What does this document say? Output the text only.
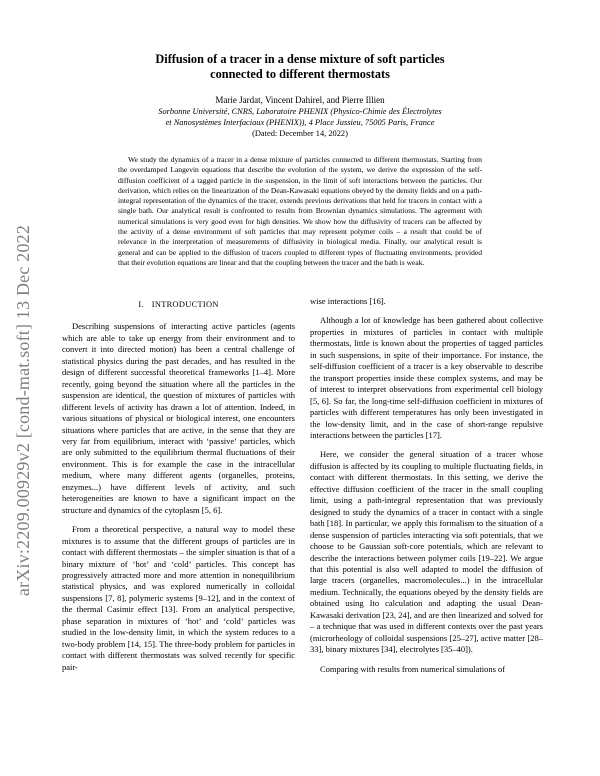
arXiv:2209.00929v2 [cond-mat.soft] 13 Dec 2022
Diffusion of a tracer in a dense mixture of soft particles
connected to different thermostats
Marie Jardat, Vincent Dahirel, and Pierre Illien
Sorbonne Université, CNRS, Laboratoire PHENIX (Physico-Chimie des Électrolytes
et Nanosystèmes Interfaciaux (PHENIX)), 4 Place Jussieu, 75005 Paris, France
(Dated: December 14, 2022)
We study the dynamics of a tracer in a dense mixture of particles connected to different thermostats. Starting from the overdamped Langevin equations that describe the evolution of the system, we derive the expression of the self-diffusion coefficient of a tagged particle in the suspension, in the limit of soft interactions between the particles. Our derivation, which relies on the linearization of the Dean-Kawasaki equations obeyed by the density fields and on a path-integral representation of the dynamics of the tracer, extends previous derivations that held for tracers in contact with a single bath. Our analytical result is confronted to results from Brownian dynamics simulations. The agreement with numerical simulations is very good even for high densities. We show how the diffusivity of tracers can be affected by the activity of a dense environment of soft particles that may represent polymer coils – a result that could be of relevance in the interpretation of measurements of diffusivity in biological media. Finally, our analytical result is general and can be applied to the diffusion of tracers coupled to different types of fluctuating environments, provided that their evolution equations are linear and that the coupling between the tracer and the bath is weak.
I. INTRODUCTION

Describing suspensions of interacting active particles (agents which are able to take up energy from their environment and to convert it into directed motion) has been a central challenge of statistical physics during the past decades, and has resulted in the design of different successful theoretical frameworks [1–4]. More recently, going beyond the situation where all the particles in the suspension are identical, the question of mixtures of particles with different levels of activity has drawn a lot of attention. Indeed, in various situations of physical or biological interest, one encounters situations where particles that are active, in the sense that they are very far from equilibrium, interact with ‘passive’ particles, which are only submitted to the equilibrium thermal fluctuations of their environment. This is for example the case in the intracellular medium, where many different agents (organelles, proteins, enzymes...) have different levels of activity, and such heterogeneities are known to have a significant impact on the structure and dynamics of the cytoplasm [5, 6].

From a theoretical perspective, a natural way to model these mixtures is to assume that the different groups of particles are in contact with different thermostats – the simpler situation is that of a binary mixture of ‘hot’ and ‘cold’ particles. This concept has progressively attracted more and more attention in nonequilibrium statistical physics, and was explored numerically in colloidal suspensions [7, 8], polymeric systems [9–12], and in the context of the thermal Casimir effect [13]. From an analytical perspective, phase separation in mixtures of ‘hot’ and ‘cold’ particles was studied in the low-density limit, in which the system reduces to a two-body problem [14, 15]. The three-body problem for particles in contact with different thermostats was solved recently for specific pair-

wise interactions [16].

Although a lot of knowledge has been gathered about collective properties in mixtures of particles in contact with multiple thermostats, little is known about the properties of tagged particles in such suspensions, in spite of their importance. For instance, the self-diffusion coefficient of a tracer is a key observable to describe the transport properties inside these complex systems, and may be of interest to interpret observations from experimental cell biology [5, 6]. So far, the long-time self-diffusion coefficient in mixtures of particles with different temperatures has only been investigated in the low-density limit, and in the case of short-range repulsive interactions between the particles [17].

Here, we consider the general situation of a tracer whose diffusion is affected by its coupling to multiple fluctuating fields, in contact with different thermostats. In this setting, we derive the effective diffusion coefficient of the tracer in the small coupling limit, using a path-integral representation that was previously designed to study the dynamics of a tracer in contact with a single bath [18]. In particular, we apply this formalism to the situation of a dense suspension of particles interacting via soft potentials, that we choose to be Gaussian soft-core potentials, which are relevant to describe the interactions between polymer coils [19–22]. We argue that this potential is also well adapted to model the diffusion of large tracers (organelles, macromolecules...) in the intracellular medium. Technically, the equations obeyed by the density fields are obtained using Ito calculation and adapting the usual Dean-Kawasaki derivation [23, 24], and are then linearized and solved for – a technique that was used in different contexts over the past years (microrheology of colloidal suspensions [25–27], active matter [28–33], binary mixtures [34], electrolytes [35–40]).

Comparing with results from numerical simulations of
